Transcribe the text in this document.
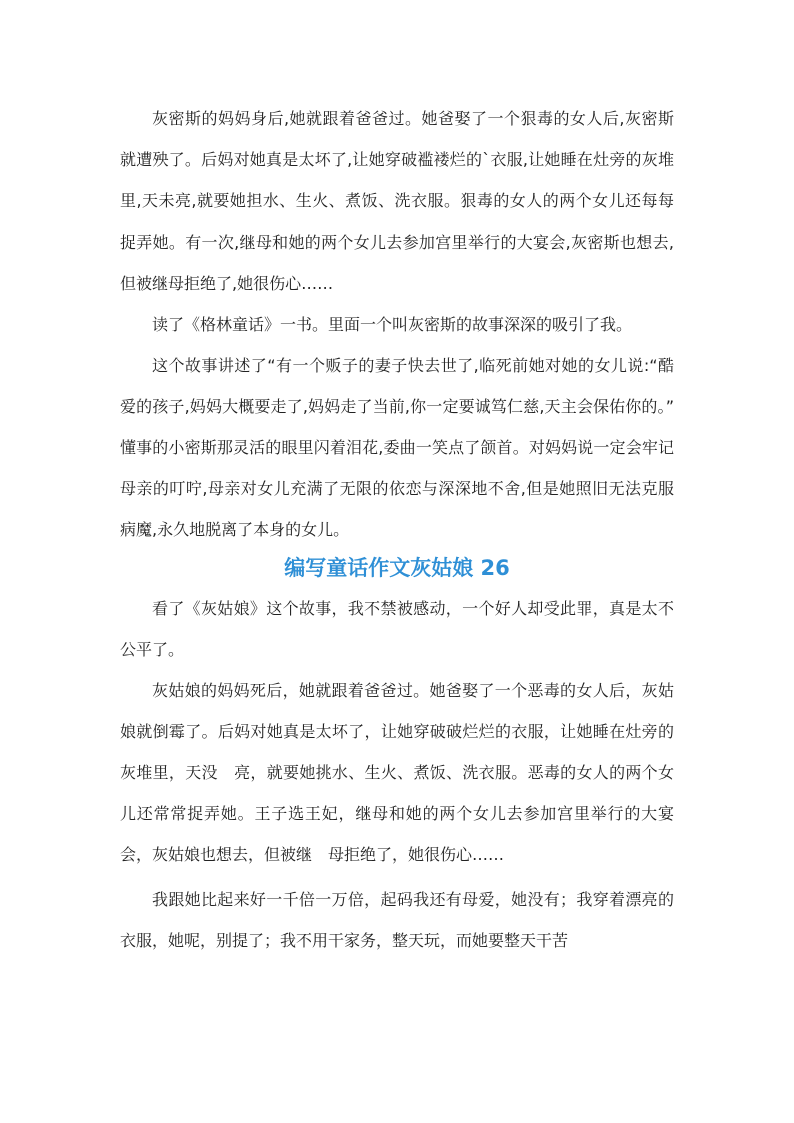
灰密斯的妈妈身后,她就跟着爸爸过。她爸娶了一个狠毒的女人后,灰密斯就遭殃了。后妈对她真是太坏了,让她穿破褴褛烂的`衣服,让她睡在灶旁的灰堆里,天未亮,就要她担水、生火、煮饭、洗衣服。狠毒的女人的两个女儿还每每捉弄她。有一次,继母和她的两个女儿去参加宫里举行的大宴会,灰密斯也想去,但被继母拒绝了,她很伤心……

读了《格林童话》一书。里面一个叫灰密斯的故事深深的吸引了我。

这个故事讲述了“有一个贩子的妻子快去世了,临死前她对她的女儿说:“酷爱的孩子,妈妈大概要走了,妈妈走了当前,你一定要诚笃仁慈,天主会保佑你的。” 懂事的小密斯那灵活的眼里闪着泪花,委曲一笑点了颌首。对妈妈说一定会牢记母亲的叮咛,母亲对女儿充满了无限的依恋与深深地不舍,但是她照旧无法克服病魔,永久地脱离了本身的女儿。

编写童话作文灰姑娘 26

看了《灰姑娘》这个故事，我不禁被感动，一个好人却受此罪，真是太不公平了。

灰姑娘的妈妈死后，她就跟着爸爸过。她爸娶了一个恶毒的女人后，灰姑娘就倒霉了。后妈对她真是太坏了，让她穿破破烂烂的衣服，让她睡在灶旁的灰堆里，天没　亮，就要她挑水、生火、煮饭、洗衣服。恶毒的女人的两个女儿还常常捉弄她。王子选王妃，继母和她的两个女儿去参加宫里举行的大宴会，灰姑娘也想去，但被继　母拒绝了，她很伤心……

我跟她比起来好一千倍一万倍，起码我还有母爱，她没有；我穿着漂亮的衣服，她呢，别提了；我不用干家务，整天玩，而她要整天干苦
